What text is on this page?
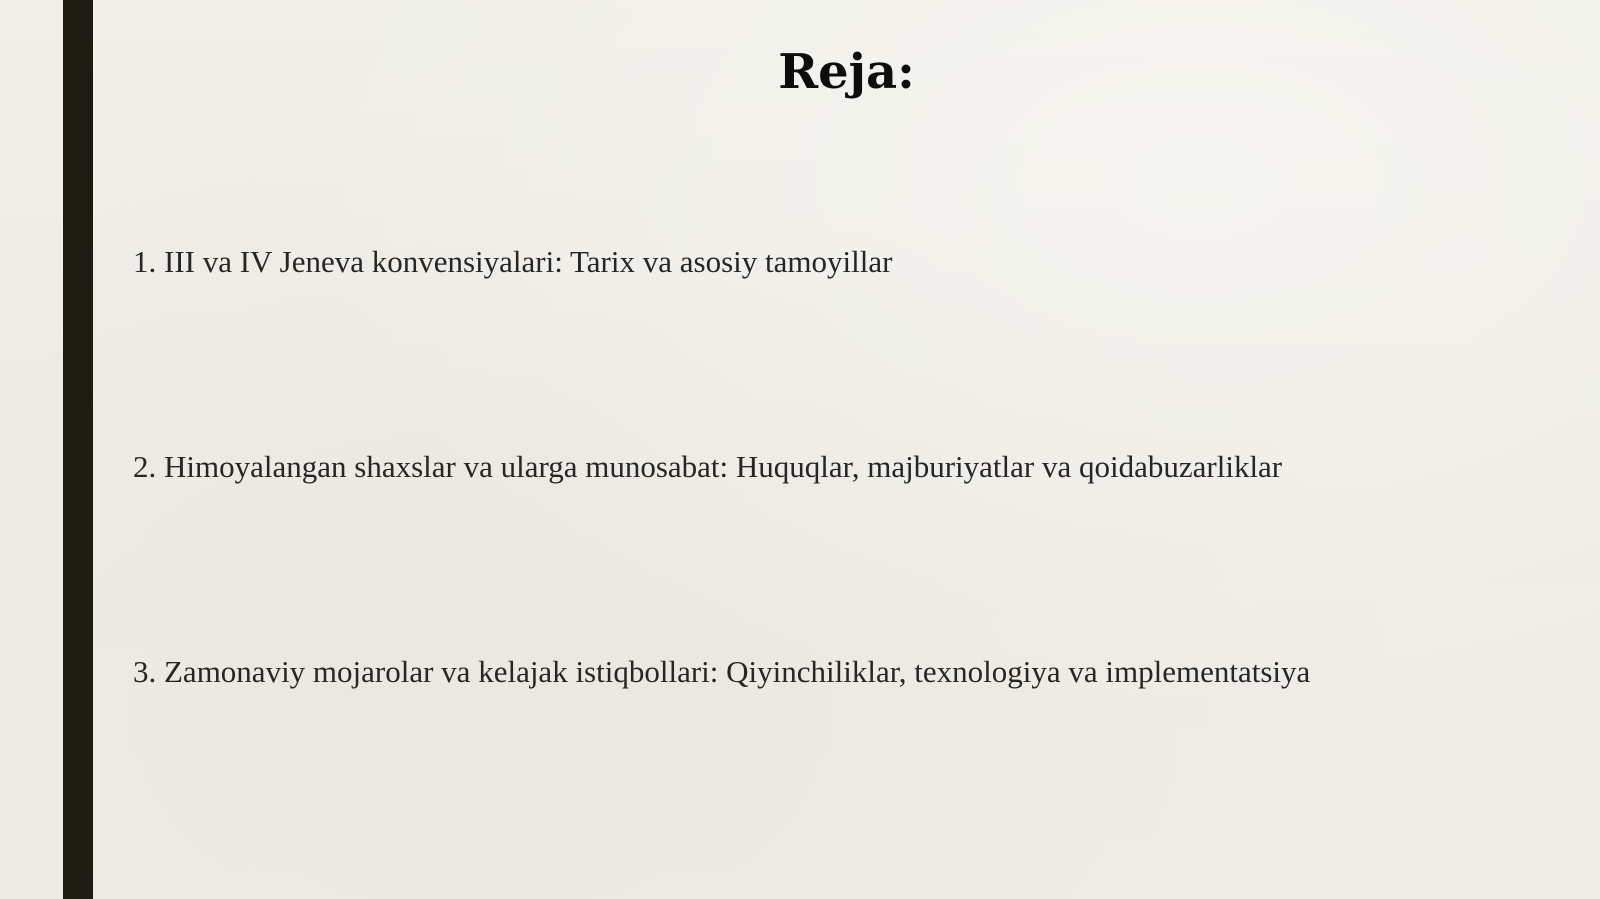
Reja:
1. III va IV Jeneva konvensiyalari: Tarix va asosiy tamoyillar
2. Himoyalangan shaxslar va ularga munosabat: Huquqlar, majburiyatlar va qoidabuzarliklar
3. Zamonaviy mojarolar va kelajak istiqbollari: Qiyinchiliklar, texnologiya va implementatsiya
